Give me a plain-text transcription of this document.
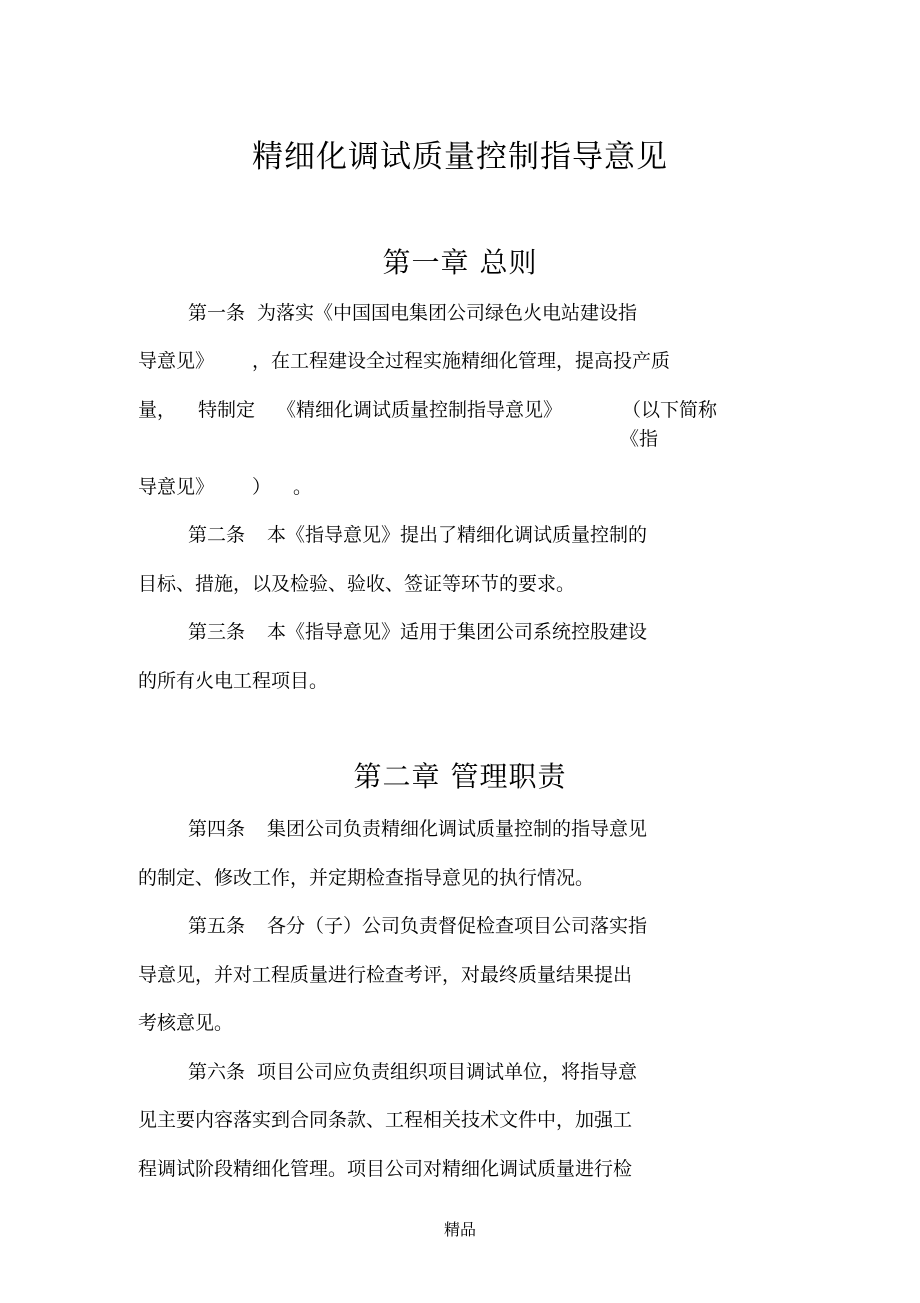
精细化调试质量控制指导意见
第一章 总则
第一条 为落实《中国国电集团公司绿色火电站建设指
导意见》 ，在工程建设全过程实施精细化管理，提高投产质
量， 特制定 《精细化调试质量控制指导意见》	（以下简称
《指
导意见》 ） 。
第二条 本《指导意见》提出了精细化调试质量控制的
目标、措施，以及检验、验收、签证等环节的要求。
第三条 本《指导意见》适用于集团公司系统控股建设
的所有火电工程项目。
第二章 管理职责
第四条 集团公司负责精细化调试质量控制的指导意见
的制定、修改工作，并定期检查指导意见的执行情况。
第五条 各分（子）公司负责督促检查项目公司落实指
导意见，并对工程质量进行检查考评，对最终质量结果提出
考核意见。
第六条 项目公司应负责组织项目调试单位，将指导意
见主要内容落实到合同条款、工程相关技术文件中，加强工
程调试阶段精细化管理。项目公司对精细化调试质量进行检
精品
